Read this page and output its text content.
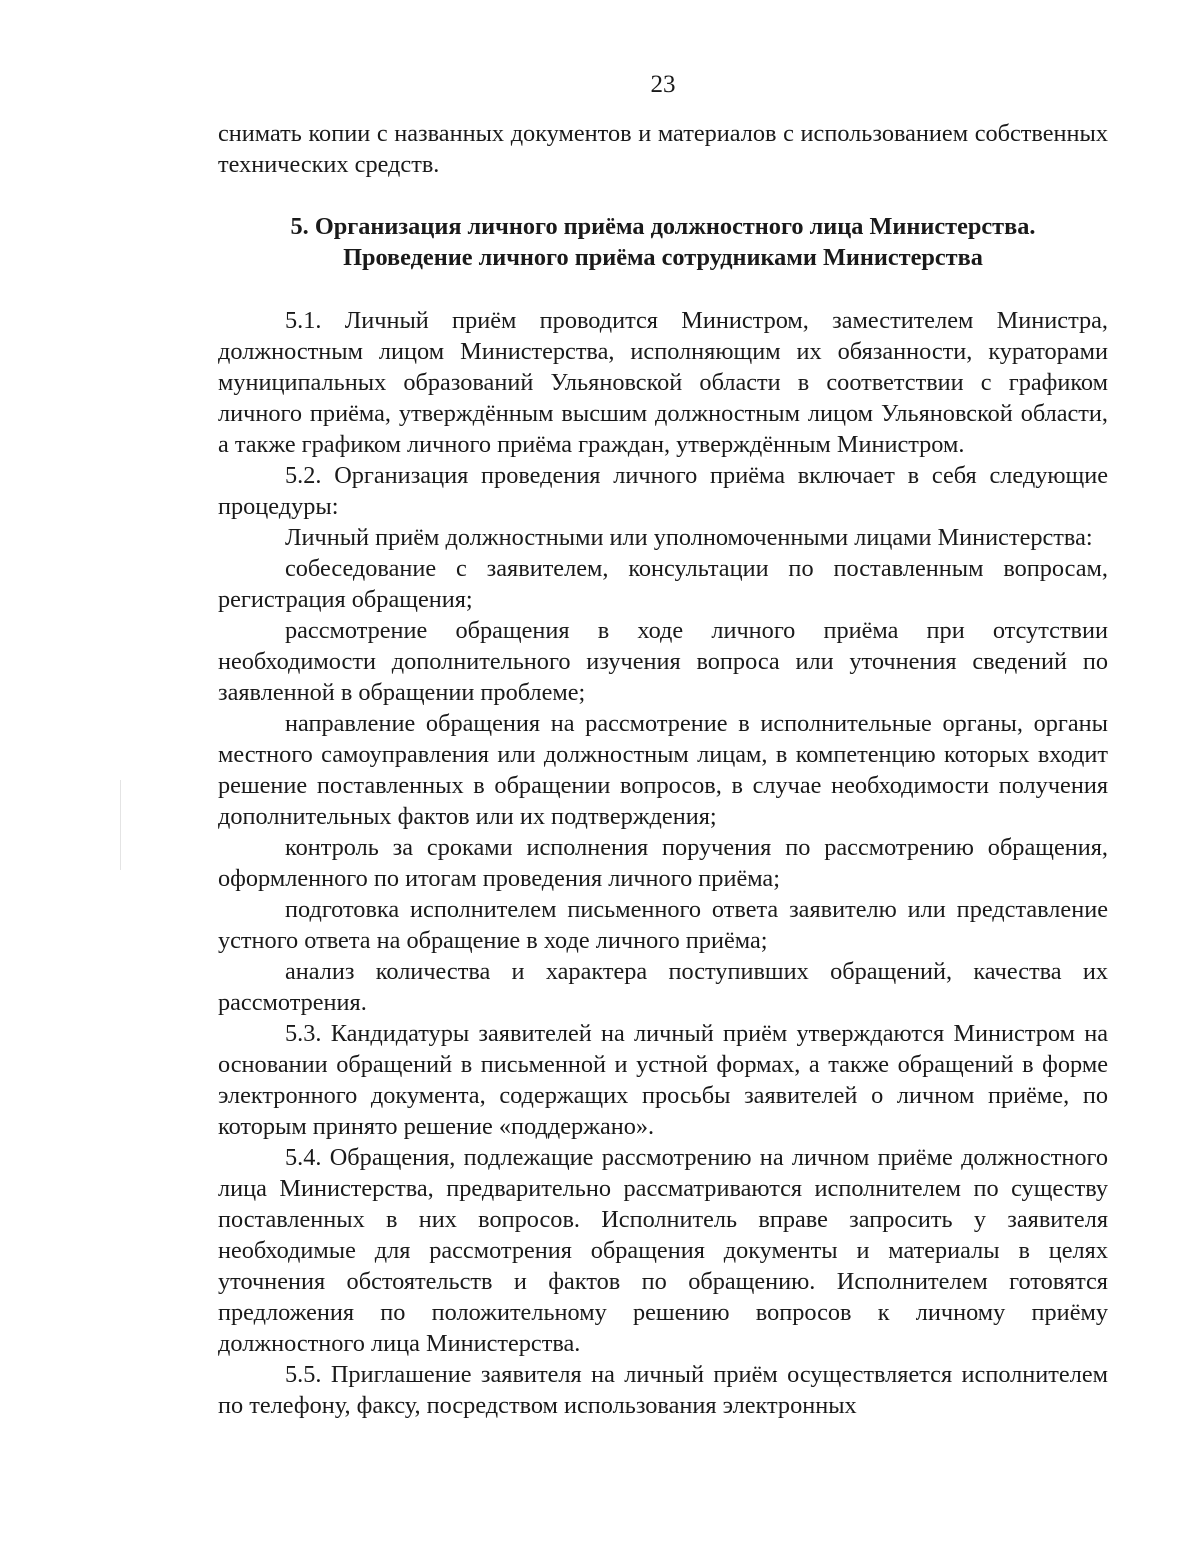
23

снимать копии с названных документов и материалов с использованием собственных технических средств.

5. Организация личного приёма должностного лица Министерства.
Проведение личного приёма сотрудниками Министерства

5.1. Личный приём проводится Министром, заместителем Министра, должностным лицом Министерства, исполняющим их обязанности, кураторами муниципальных образований Ульяновской области в соответствии с графиком личного приёма, утверждённым высшим должностным лицом Ульяновской области, а также графиком личного приёма граждан, утверждённым Министром.

5.2. Организация проведения личного приёма включает в себя следующие процедуры:

Личный приём должностными или уполномоченными лицами Министерства:

собеседование с заявителем, консультации по поставленным вопросам, регистрация обращения;

рассмотрение обращения в ходе личного приёма при отсутствии необходимости дополнительного изучения вопроса или уточнения сведений по заявленной в обращении проблеме;

направление обращения на рассмотрение в исполнительные органы, органы местного самоуправления или должностным лицам, в компетенцию которых входит решение поставленных в обращении вопросов, в случае необходимости получения дополнительных фактов или их подтверждения;

контроль за сроками исполнения поручения по рассмотрению обращения, оформленного по итогам проведения личного приёма;

подготовка исполнителем письменного ответа заявителю или представление устного ответа на обращение в ходе личного приёма;

анализ количества и характера поступивших обращений, качества их рассмотрения.

5.3. Кандидатуры заявителей на личный приём утверждаются Министром на основании обращений в письменной и устной формах, а также обращений в форме электронного документа, содержащих просьбы заявителей о личном приёме, по которым принято решение «поддержано».

5.4. Обращения, подлежащие рассмотрению на личном приёме должностного лица Министерства, предварительно рассматриваются исполнителем по существу поставленных в них вопросов. Исполнитель вправе запросить у заявителя необходимые для рассмотрения обращения документы и материалы в целях уточнения обстоятельств и фактов по обращению. Исполнителем готовятся предложения по положительному решению вопросов к личному приёму должностного лица Министерства.

5.5. Приглашение заявителя на личный приём осуществляется исполнителем по телефону, факсу, посредством использования электронных
